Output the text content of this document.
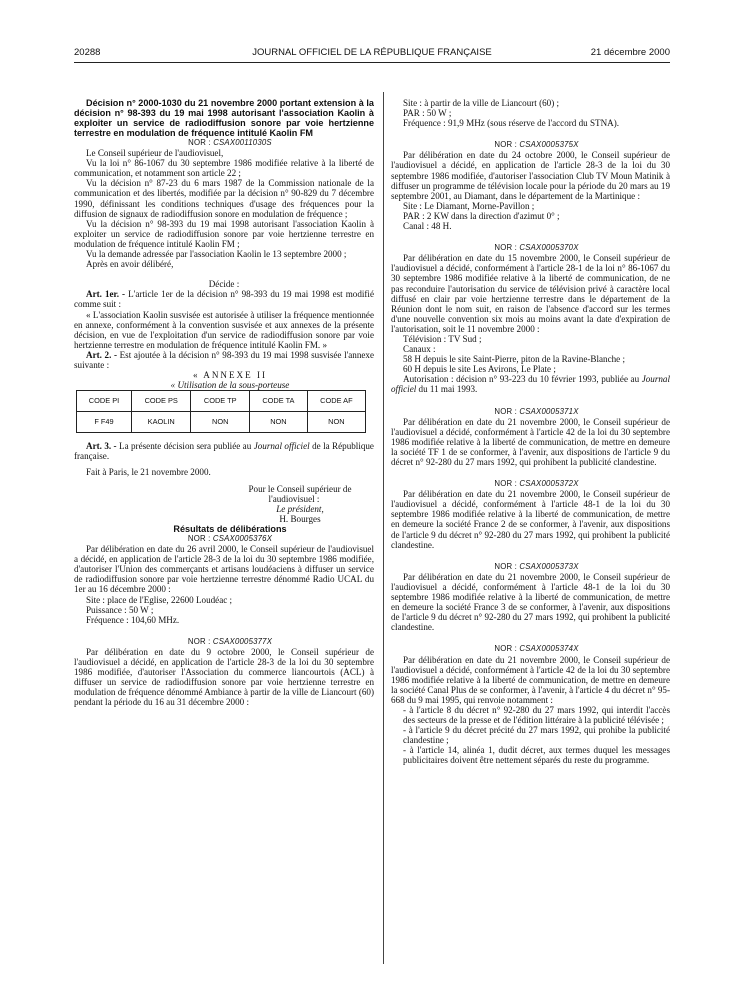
20288	JOURNAL OFFICIEL DE LA RÉPUBLIQUE FRANÇAISE	21 décembre 2000

Décision n° 2000-1030 du 21 novembre 2000 portant extension à la décision n° 98-393 du 19 mai 1998 autorisant l'association Kaolin à exploiter un service de radiodiffusion sonore par voie hertzienne terrestre en modulation de fréquence intitulé Kaolin FM

NOR : CSAX0011030S

Le Conseil supérieur de l'audiovisuel,

Vu la loi n° 86-1067 du 30 septembre 1986 modifiée relative à la liberté de communication, et notamment son article 22 ;

Vu la décision n° 87-23 du 6 mars 1987 de la Commission nationale de la communication et des libertés, modifiée par la décision n° 90-829 du 7 décembre 1990, définissant les conditions techniques d'usage des fréquences pour la diffusion de signaux de radiodiffusion sonore en modulation de fréquence ;

Vu la décision n° 98-393 du 19 mai 1998 autorisant l'association Kaolin à exploiter un service de radiodiffusion sonore par voie hertzienne terrestre en modulation de fréquence intitulé Kaolin FM ;

Vu la demande adressée par l'association Kaolin le 13 septembre 2000 ;

Après en avoir délibéré,

Décide :

Art. 1er. - L'article 1er de la décision n° 98-393 du 19 mai 1998 est modifié comme suit :

« L'association Kaolin susvisée est autorisée à utiliser la fréquence mentionnée en annexe, conformément à la convention susvisée et aux annexes de la présente décision, en vue de l'exploitation d'un service de radiodiffusion sonore par voie hertzienne terrestre en modulation de fréquence intitulé Kaolin FM. »

Art. 2. - Est ajoutée à la décision n° 98-393 du 19 mai 1998 susvisée l'annexe suivante :

« ANNEXE II

« Utilisation de la sous-porteuse

CODE PI	CODE PS	CODE TP	CODE TA	CODE AF
F F49	KAOLIN	NON	NON	NON

Art. 3. - La présente décision sera publiée au Journal officiel de la République française.

Fait à Paris, le 21 novembre 2000.

Pour le Conseil supérieur de l'audiovisuel :

Le président,

H. Bourges

Résultats de délibérations

NOR : CSAX0005376X

Par délibération en date du 26 avril 2000, le Conseil supérieur de l'audiovisuel a décidé, en application de l'article 28-3 de la loi du 30 septembre 1986 modifiée, d'autoriser l'Union des commerçants et artisans loudéaciens à diffuser un service de radiodiffusion sonore par voie hertzienne terrestre dénommé Radio UCAL du 1er au 16 décembre 2000 :

Site : place de l'Eglise, 22600 Loudéac ;

Puissance : 50 W ;

Fréquence : 104,60 MHz.

NOR : CSAX0005377X

Par délibération en date du 9 octobre 2000, le Conseil supérieur de l'audiovisuel a décidé, en application de l'article 28-3 de la loi du 30 septembre 1986 modifiée, d'autoriser l'Association du commerce liancourtois (ACL) à diffuser un service de radiodiffusion sonore par voie hertzienne terrestre en modulation de fréquence dénommé Ambiance à partir de la ville de Liancourt (60) pendant la période du 16 au 31 décembre 2000 :

Site : à partir de la ville de Liancourt (60) ;

PAR : 50 W ;

Fréquence : 91,9 MHz (sous réserve de l'accord du STNA).

NOR : CSAX0005375X

Par délibération en date du 24 octobre 2000, le Conseil supérieur de l'audiovisuel a décidé, en application de l'article 28-3 de la loi du 30 septembre 1986 modifiée, d'autoriser l'association Club TV Moun Matinik à diffuser un programme de télévision locale pour la période du 20 mars au 19 septembre 2001, au Diamant, dans le département de la Martinique :

Site : Le Diamant, Morne-Pavillon ;

PAR : 2 KW dans la direction d'azimut 0° ;

Canal : 48 H.

NOR : CSAX0005370X

Par délibération en date du 15 novembre 2000, le Conseil supérieur de l'audiovisuel a décidé, conformément à l'article 28-1 de la loi n° 86-1067 du 30 septembre 1986 modifiée relative à la liberté de communication, de ne pas reconduire l'autorisation du service de télévision privé à caractère local diffusé en clair par voie hertzienne terrestre dans le département de la Réunion dont le nom suit, en raison de l'absence d'accord sur les termes d'une nouvelle convention six mois au moins avant la date d'expiration de l'autorisation, soit le 11 novembre 2000 :

Télévision : TV Sud ;

Canaux :

58 H depuis le site Saint-Pierre, piton de la Ravine-Blanche ;

60 H depuis le site Les Avirons, Le Plate ;

Autorisation : décision n° 93-223 du 10 février 1993, publiée au Journal officiel du 11 mai 1993.

NOR : CSAX0005371X

Par délibération en date du 21 novembre 2000, le Conseil supérieur de l'audiovisuel a décidé, conformément à l'article 42 de la loi du 30 septembre 1986 modifiée relative à la liberté de communication, de mettre en demeure la société TF 1 de se conformer, à l'avenir, aux dispositions de l'article 9 du décret n° 92-280 du 27 mars 1992, qui prohibent la publicité clandestine.

NOR : CSAX0005372X

Par délibération en date du 21 novembre 2000, le Conseil supérieur de l'audiovisuel a décidé, conformément à l'article 48-1 de la loi du 30 septembre 1986 modifiée relative à la liberté de communication, de mettre en demeure la société France 2 de se conformer, à l'avenir, aux dispositions de l'article 9 du décret n° 92-280 du 27 mars 1992, qui prohibent la publicité clandestine.

NOR : CSAX0005373X

Par délibération en date du 21 novembre 2000, le Conseil supérieur de l'audiovisuel a décidé, conformément à l'article 48-1 de la loi du 30 septembre 1986 modifiée relative à la liberté de communication, de mettre en demeure la société France 3 de se conformer, à l'avenir, aux dispositions de l'article 9 du décret n° 92-280 du 27 mars 1992, qui prohibent la publicité clandestine.

NOR : CSAX0005374X

Par délibération en date du 21 novembre 2000, le Conseil supérieur de l'audiovisuel a décidé, conformément à l'article 42 de la loi du 30 septembre 1986 modifiée relative à la liberté de communication, de mettre en demeure la société Canal Plus de se conformer, à l'avenir, à l'article 4 du décret n° 95-668 du 9 mai 1995, qui renvoie notamment :

- à l'article 8 du décret n° 92-280 du 27 mars 1992, qui interdit l'accès des secteurs de la presse et de l'édition littéraire à la publicité télévisée ;

- à l'article 9 du décret précité du 27 mars 1992, qui prohibe la publicité clandestine ;

- à l'article 14, alinéa 1, dudit décret, aux termes duquel les messages publicitaires doivent être nettement séparés du reste du programme.
